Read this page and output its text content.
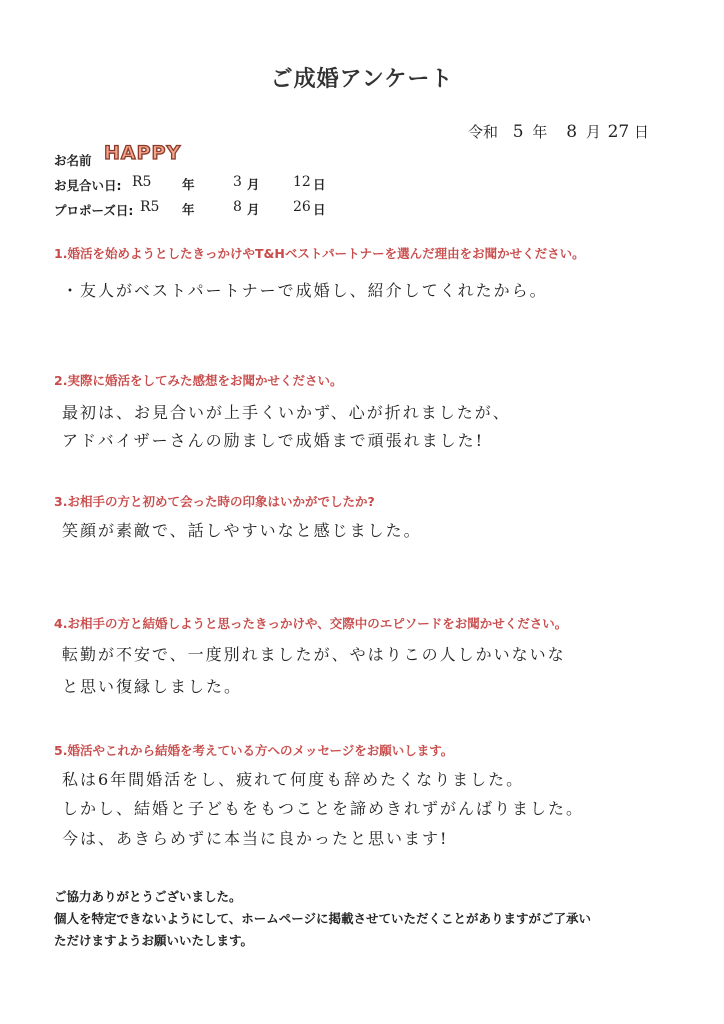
ご成婚アンケート
令和 5 年 8 月 27 日
お名前 HAPPY
お見合い日: R5 年	3 月 12 日
プロポーズ日: R5 年	8 月 26 日
1.婚活を始めようとしたきっかけやT&Hベストパートナーを選んだ理由をお聞かせください。
・友人がベストパートナーで成婚し、紹介してくれたから。
2.実際に婚活をしてみた感想をお聞かせください。
最初は、お見合いが上手くいかず、心が折れましたが、
アドバイザーさんの励ましで成婚まで頑張れました!
3.お相手の方と初めて会った時の印象はいかがでしたか?
笑顔が素敵で、話しやすいなと感じました。
4.お相手の方と結婚しようと思ったきっかけや、交際中のエピソードをお聞かせください。
転勤が不安で、一度別れましたが、やはりこの人しかいないな
と思い復縁しました。
5.婚活やこれから結婚を考えている方へのメッセージをお願いします。
私は6年間婚活をし、疲れて何度も辞めたくなりました。
しかし、結婚と子どもをもつことを諦めきれずがんばりました。
今は、あきらめずに本当に良かったと思います!
ご協力ありがとうございました。
個人を特定できないようにして、ホームページに掲載させていただくことがありますがご了承い
ただけますようお願いいたします。
